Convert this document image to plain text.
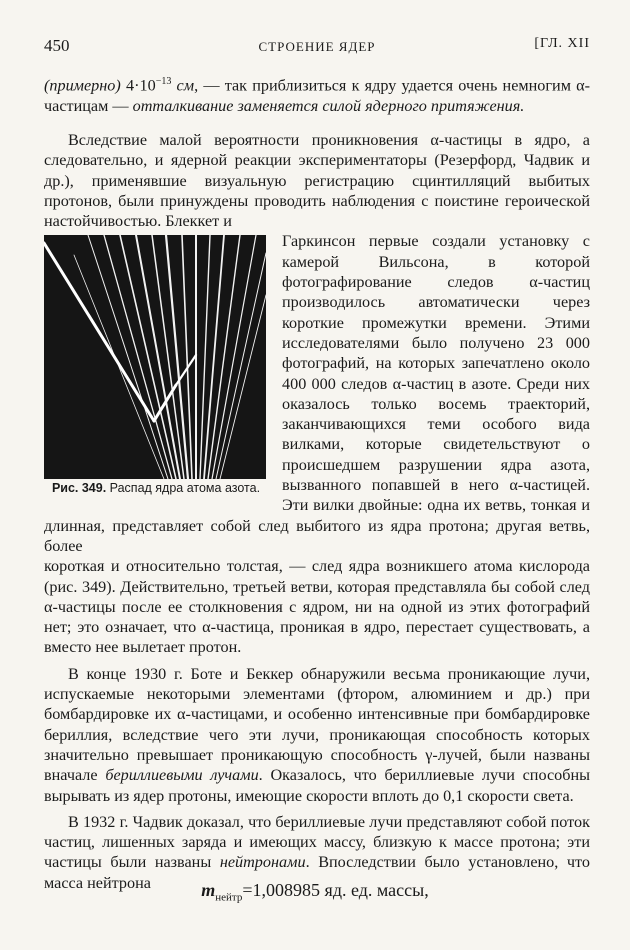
450	СТРОЕНИЕ ЯДЕР	[ГЛ. XII

(примерно) $4\cdot 10^{-13}$ см, — так приблизиться к ядру удается очень немногим α-частицам — отталкивание заменяется силой ядерного притяжения.

Вследствие малой вероятности проникновения α-частицы в ядро, а следовательно, и ядерной реакции экспериментаторы (Резерфорд, Чадвик и др.), применявшие визуальную регистрацию сцинтилляций выбитых протонов, были принуждены проводить наблюдения с поистине героической настойчивостью. Блеккет и

Рис. 349. Распад ядра атома азота.

Гаркинсон первые создали установку с камерой Вильсона, в которой фотографирование следов α-частиц производилось автоматически через короткие промежутки времени. Этими исследователями было получено 23 000 фотографий, на которых запечатлено около 400 000 следов α-частиц в азоте. Среди них оказалось только восемь траекторий, заканчивающихся теми особого вида вилками, которые свидетельствуют о происшедшем разрушении ядра азота, вызванного попавшей в него α-частицей. Эти вилки двойные: одна их ветвь, тонкая и длинная, представляет собой след выбитого из ядра протона; другая ветвь, более

короткая и относительно толстая, — след ядра возникшего атома кислорода (рис. 349). Действительно, третьей ветви, которая представляла бы собой след α-частицы после ее столкновения с ядром, ни на одной из этих фотографий нет; это означает, что α-частица, проникая в ядро, перестает существовать, а вместо нее вылетает протон.

В конце 1930 г. Боте и Беккер обнаружили весьма проникающие лучи, испускаемые некоторыми элементами (фтором, алюминием и др.) при бомбардировке их α-частицами, и особенно интенсивные при бомбардировке бериллия, вследствие чего эти лучи, проникающая способность которых значительно превышает проникающую способность γ-лучей, были названы вначале бериллиевыми лучами. Оказалось, что бериллиевые лучи способны вырывать из ядер протоны, имеющие скорости вплоть до 0,1 скорости света.

В 1932 г. Чадвик доказал, что бериллиевые лучи представляют собой поток частиц, лишенных заряда и имеющих массу, близкую к массе протона; эти частицы были названы нейтронами. Впоследствии было установлено, что масса нейтрона	$m_{нейтр}=1,008985$ яд. ед. массы,
